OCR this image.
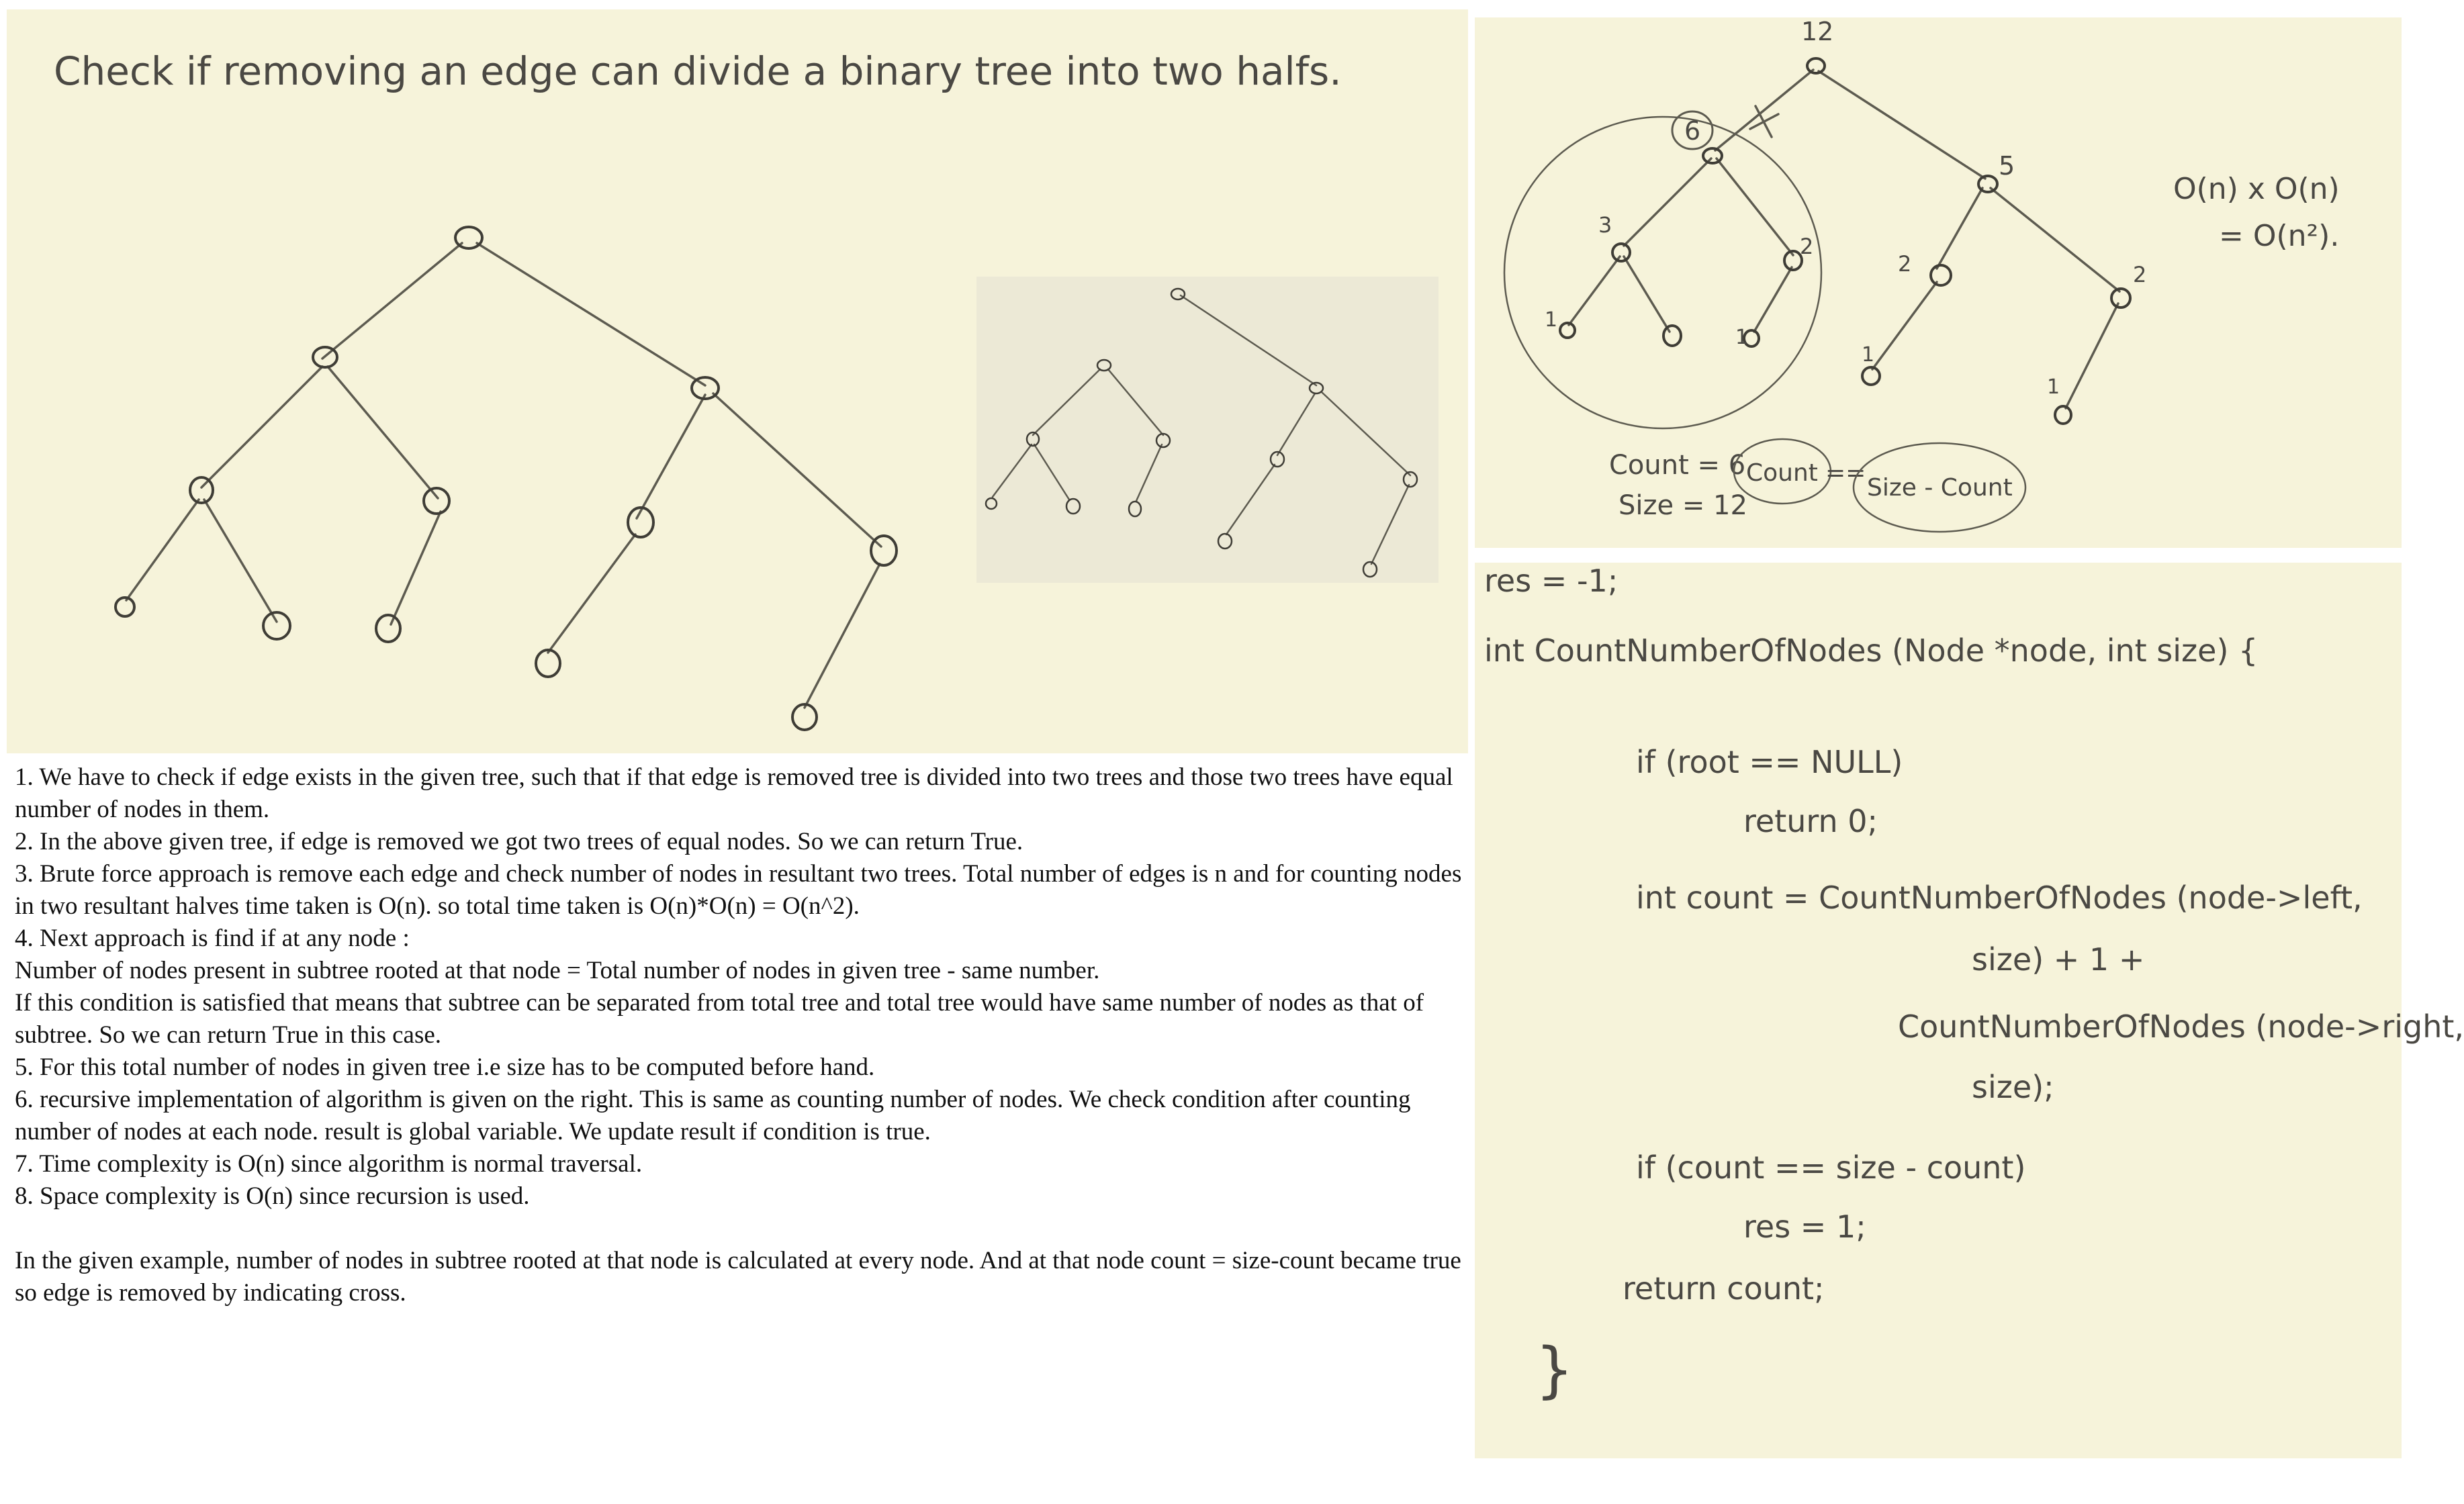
Check if removing an edge can divide a binary tree into two halfs.
12
6
5
3
2
1
1
2
1
2
1
O(n) x O(n)
= O(n²).
Count = 6
Size = 12
Count ==
Size - Count
res = -1;
int CountNumberOfNodes (Node *node, int size) {
if (root == NULL)
return 0;
int count = CountNumberOfNodes (node->left,
size) + 1 +
CountNumberOfNodes (node->right,
size);
if (count == size - count)
res = 1;
return count;
}

1. We have to check if edge exists in the given tree, such that if that edge is removed tree is divided into two trees and those two trees have equal number of nodes in them.

2. In the above given tree, if edge is removed we got two trees of equal nodes. So we can return True.

3. Brute force approach is remove each edge and check number of nodes in resultant two trees. Total number of edges is n and for counting nodes in two resultant halves time taken is O(n). so total time taken is O(n)*O(n) = O(n^2).

4. Next approach is find if at any node :

Number of nodes present in subtree rooted at that node = Total number of nodes in given tree - same number.

If this condition is satisfied that means that subtree can be separated from total tree and total tree would have same number of nodes as that of subtree. So we can return True in this case.

5. For this total number of nodes in given tree i.e size has to be computed before hand.

6. recursive implementation of algorithm is given on the right. This is same as counting number of nodes. We check condition after counting number of nodes at each node. result is global variable. We update result if condition is true.

7. Time complexity is O(n) since algorithm is normal traversal.

8. Space complexity is O(n) since recursion is used.

In the given example, number of nodes in subtree rooted at that node is calculated at every node. And at that node count = size-count became true so edge is removed by indicating cross.
